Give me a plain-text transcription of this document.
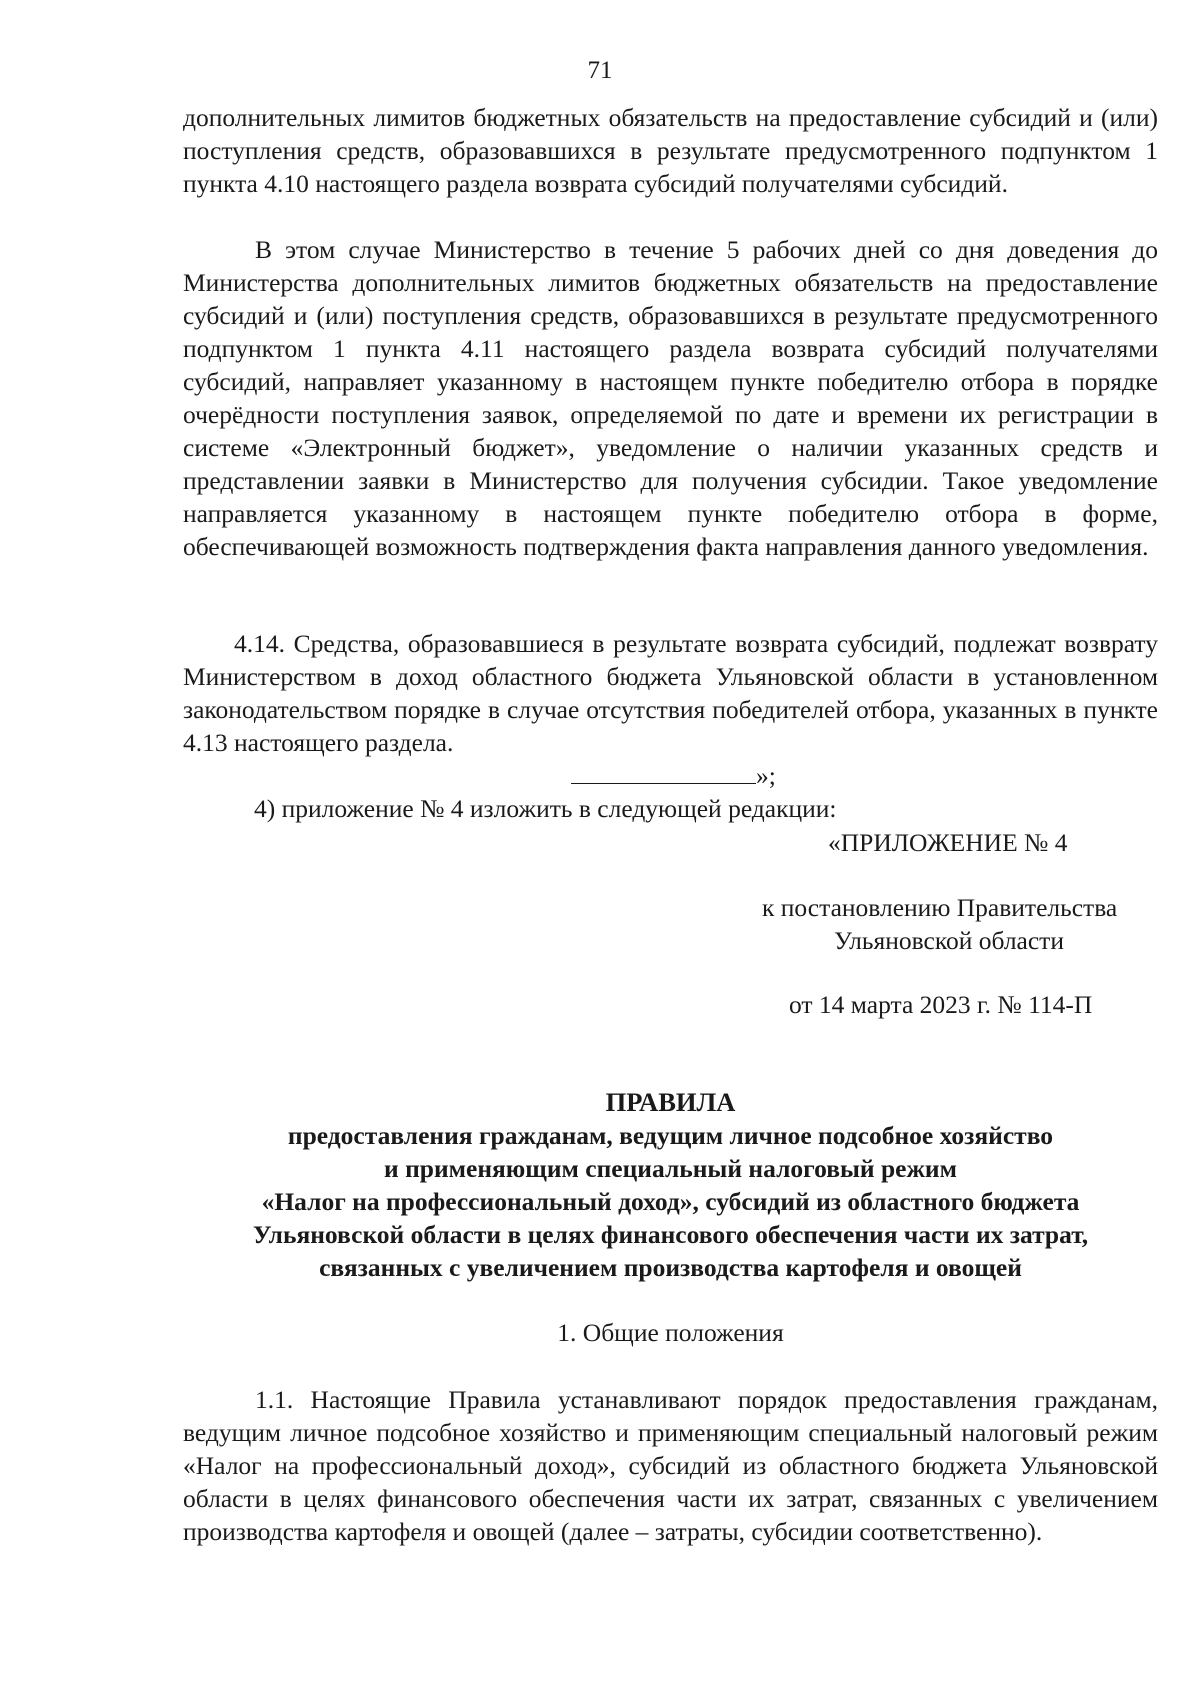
71

дополнительных лимитов бюджетных обязательств на предоставление субсидий и (или) поступления средств, образовавшихся в результате предусмотренного подпунктом 1 пункта 4.10 настоящего раздела возврата субсидий получателями субсидий.

В этом случае Министерство в течение 5 рабочих дней со дня доведения до Министерства дополнительных лимитов бюджетных обязательств на предоставление субсидий и (или) поступления средств, образовавшихся в результате предусмотренного подпунктом 1 пункта 4.11 настоящего раздела возврата субсидий получателями субсидий, направляет указанному в настоящем пункте победителю отбора в порядке очерёдности поступления заявок, определяемой по дате и времени их регистрации в системе «Электронный бюджет», уведомление о наличии указанных средств и представлении заявки в Министерство для получения субсидии. Такое уведомление направляется указанному в настоящем пункте победителю отбора в форме, обеспечивающей возможность подтверждения факта направления данного уведомления.

4.14. Средства, образовавшиеся в результате возврата субсидий, подлежат возврату Министерством в доход областного бюджета Ульяновской области в установленном законодательством порядке в случае отсутствия победителей отбора, указанных в пункте 4.13 настоящего раздела.

»;
4) приложение № 4 изложить в следующей редакции:
«ПРИЛОЖЕНИЕ № 4
к постановлению Правительства
Ульяновской области
от 14 марта 2023 г. № 114-П
ПРАВИЛА
предоставления гражданам, ведущим личное подсобное хозяйство
и применяющим специальный налоговый режим
«Налог на профессиональный доход», субсидий из областного бюджета
Ульяновской области в целях финансового обеспечения части их затрат,
связанных с увеличением производства картофеля и овощей
1. Общие положения

1.1. Настоящие Правила устанавливают порядок предоставления гражданам, ведущим личное подсобное хозяйство и применяющим специальный налоговый режим «Налог на профессиональный доход», субсидий из областного бюджета Ульяновской области в целях финансового обеспечения части их затрат, связанных с увеличением производства картофеля и овощей (далее – затраты, субсидии соответственно).
